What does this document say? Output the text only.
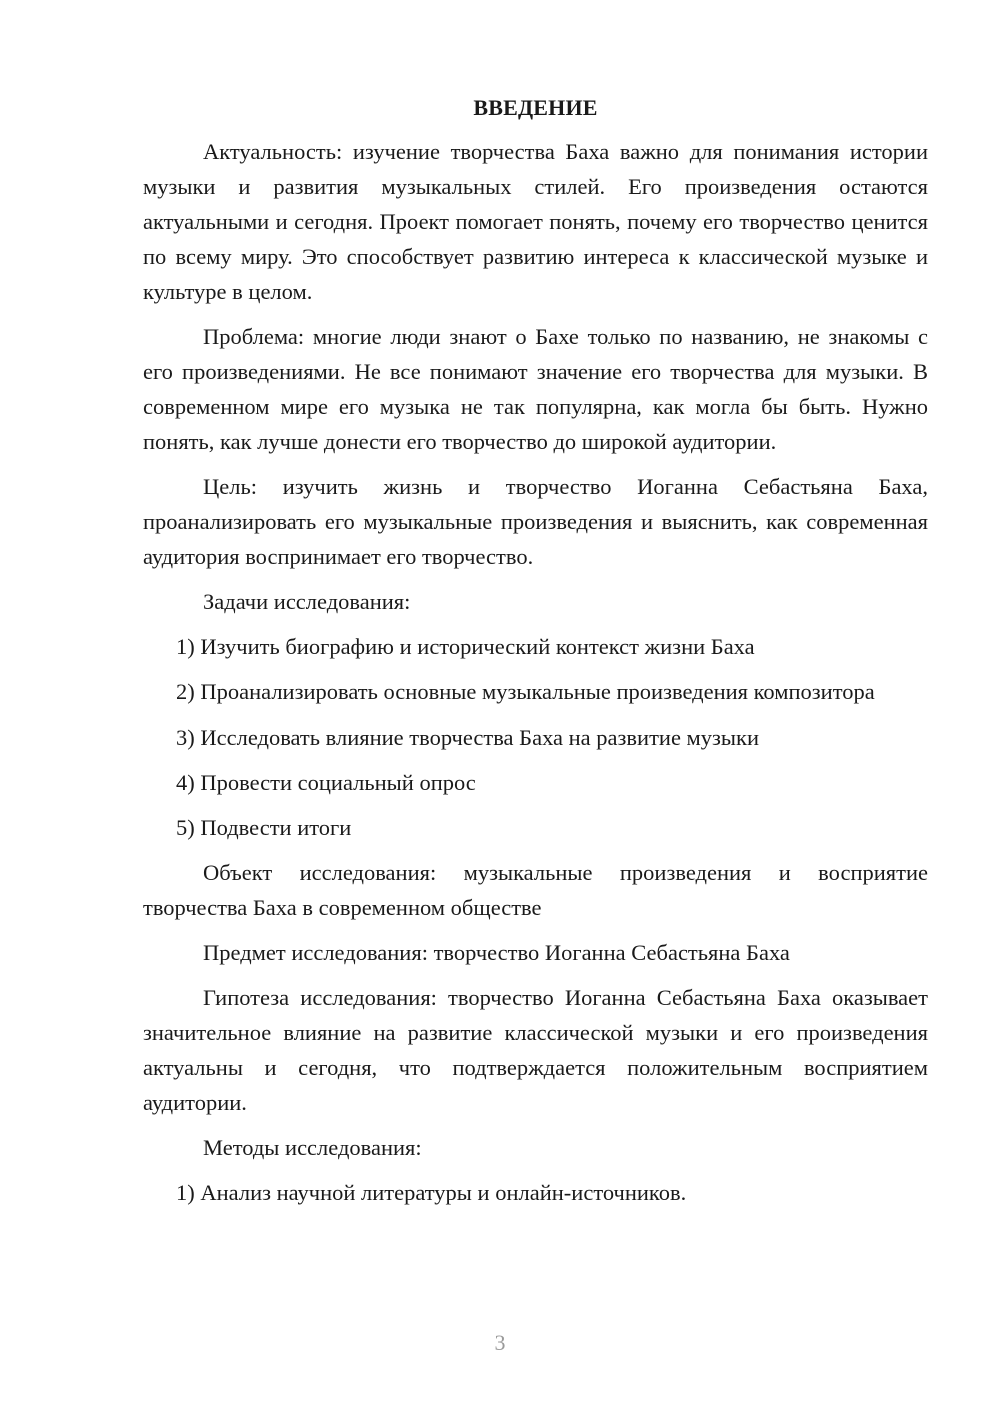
ВВЕДЕНИЕ

Актуальность: изучение творчества Баха важно для понимания истории музыки и развития музыкальных стилей. Его произведения остаются актуальными и сегодня. Проект помогает понять, почему его творчество ценится по всему миру. Это способствует развитию интереса к классической музыке и культуре в целом.

Проблема: многие люди знают о Бахе только по названию, не знакомы с его произведениями. Не все понимают значение его творчества для музыки. В современном мире его музыка не так популярна, как могла бы быть. Нужно понять, как лучше донести его творчество до широкой аудитории.

Цель: изучить жизнь и творчество Иоганна Себастьяна Баха, проанализировать его музыкальные произведения и выяснить, как современная аудитория воспринимает его творчество.

Задачи исследования:

1) Изучить биографию и исторический контекст жизни Баха

2) Проанализировать основные музыкальные произведения композитора

3) Исследовать влияние творчества Баха на развитие музыки

4) Провести социальный опрос

5) Подвести итоги

Объект исследования: музыкальные произведения и восприятие творчества Баха в современном обществе

Предмет исследования: творчество Иоганна Себастьяна Баха

Гипотеза исследования: творчество Иоганна Себастьяна Баха оказывает значительное влияние на развитие классической музыки и его произведения актуальны и сегодня, что подтверждается положительным восприятием аудитории.

Методы исследования:

1) Анализ научной литературы и онлайн-источников.

3
